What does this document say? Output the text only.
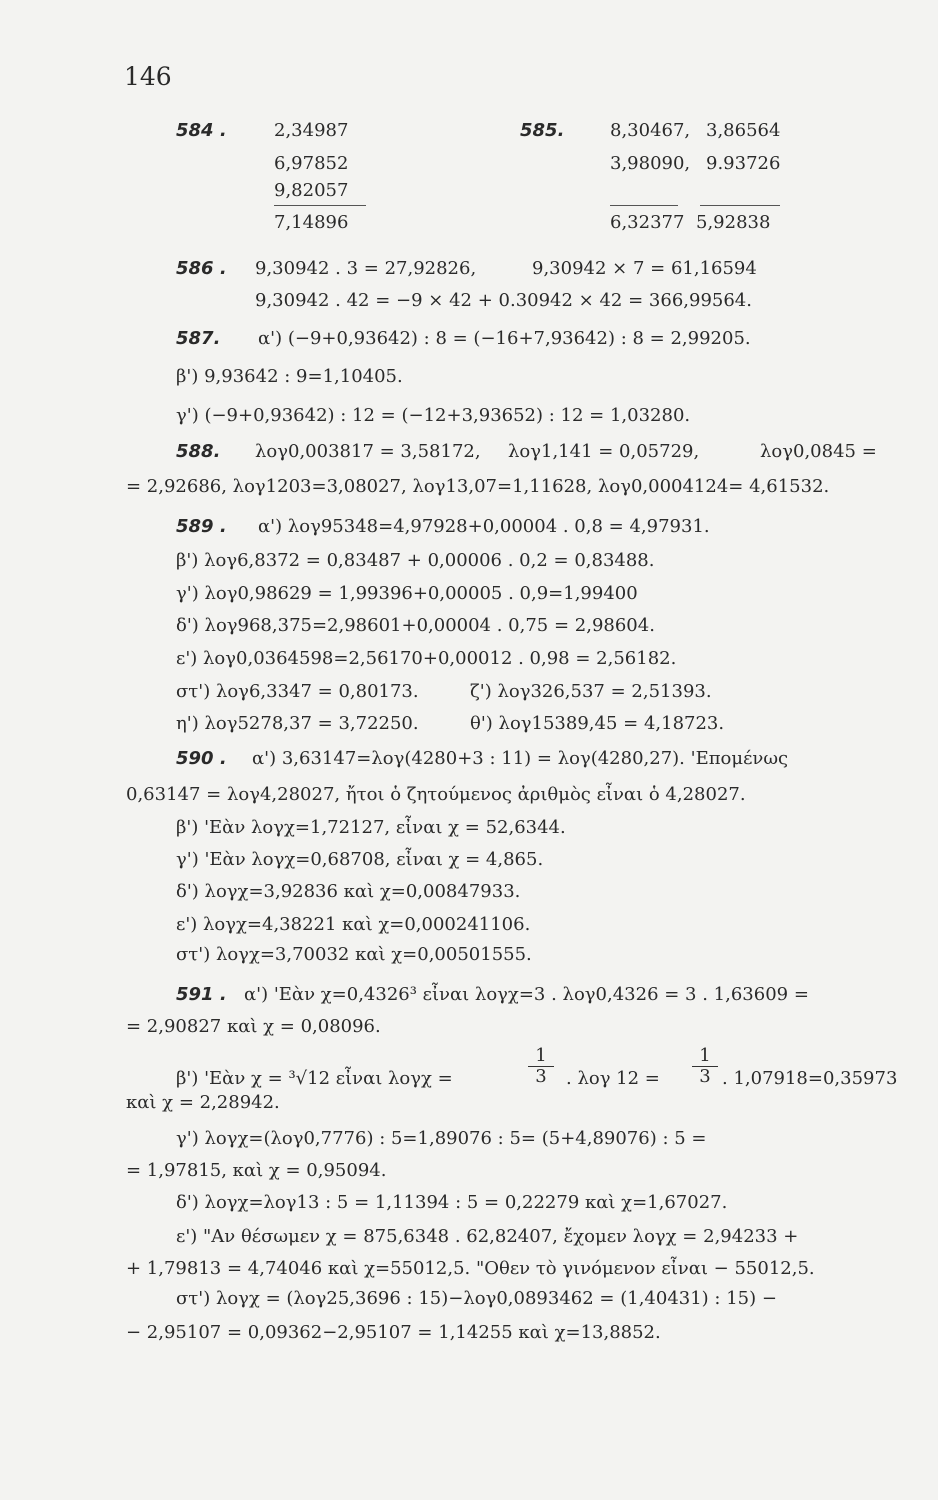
146
584 .	2,34987
6,97852
9,82057
7,14896
585.	8,30467, 3,86564
3,98090, 9.93726
6,32377 5,92838
586 .	9,30942 . 3 = 27,92826,	9,30942 × 7 = 61,16594
9,30942 . 42 = −9 × 42 + 0.30942 × 42 = 366,99564.
587.	α') (−9+0,93642) : 8 = (−16+7,93642) : 8 = 2,99205.
β') 9,93642 : 9=1,10405.
γ') (−9+0,93642) : 12 = (−12+3,93652) : 12 = 1,03280.
588.	λογ0,003817 = 3,58172, λογ1,141 = 0,05729,	λογ0,0845 =
= 2,92686, λογ1203=3,08027, λογ13,07=1,11628, λογ0,0004124= 4,61532.
589 .	α') λογ95348=4,97928+0,00004 . 0,8 = 4,97931.
β') λογ6,8372 = 0,83487 + 0,00006 . 0,2 = 0,83488.
γ') λογ0,98629 = 1,99396+0,00005 . 0,9=1,99400
δ') λογ968,375=2,98601+0,00004 . 0,75 = 2,98604.
ε') λογ0,0364598=2,56170+0,00012 . 0,98 = 2,56182.
στ') λογ6,3347 = 0,80173.	ζ') λογ326,537 = 2,51393.
η') λογ5278,37 = 3,72250.	θ') λογ15389,45 = 4,18723.
590 .	α') 3,63147=λογ(4280+3 : 11) = λογ(4280,27). 'Επομένως
0,63147 = λογ4,28027, ἤτοι ὁ ζητούμενος ἀριθμὸς εἶναι ὁ 4,28027.
β') 'Εὰν λογχ=1,72127, εἶναι χ = 52,6344.
γ') 'Εὰν λογχ=0,68708, εἶναι χ = 4,865.
δ') λογχ=3,92836 καὶ χ=0,00847933.
ε') λογχ=4,38221 καὶ χ=0,000241106.
στ') λογχ=3,70032 καὶ χ=0,00501555.
591 . α') 'Εὰν χ=0,4326³ εἶναι λογχ=3 . λογ0,4326 = 3 . 1,63609 =
= 2,90827 καὶ χ = 0,08096.
β') 'Εὰν χ = ³√12 εἶναι λογχ =	$\frac{1}{3}$ . λογ $12 = \frac{1}{3}$ . 1,07918=0,35973
καὶ χ = 2,28942.
γ') λογχ=(λογ0,7776) : 5=1,89076 : 5= (5+4,89076) : 5 =
= 1,97815, καὶ χ = 0,95094.
δ') λογχ=λογ13 : 5 = 1,11394 : 5 = 0,22279 καὶ χ=1,67027.
ε') "Αν θέσωμεν χ = 875,6348 . 62,82407, ἔχομεν λογχ = 2,94233 +
+ 1,79813 = 4,74046 καὶ χ=55012,5. "Οθεν τὸ γινόμενον εἶναι − 55012,5.
στ') λογχ = (λογ25,3696 : 15)−λογ0,0893462 = (1,40431) : 15) −
− 2,95107 = 0,09362−2,95107 = 1,14255 καὶ χ=13,8852.
